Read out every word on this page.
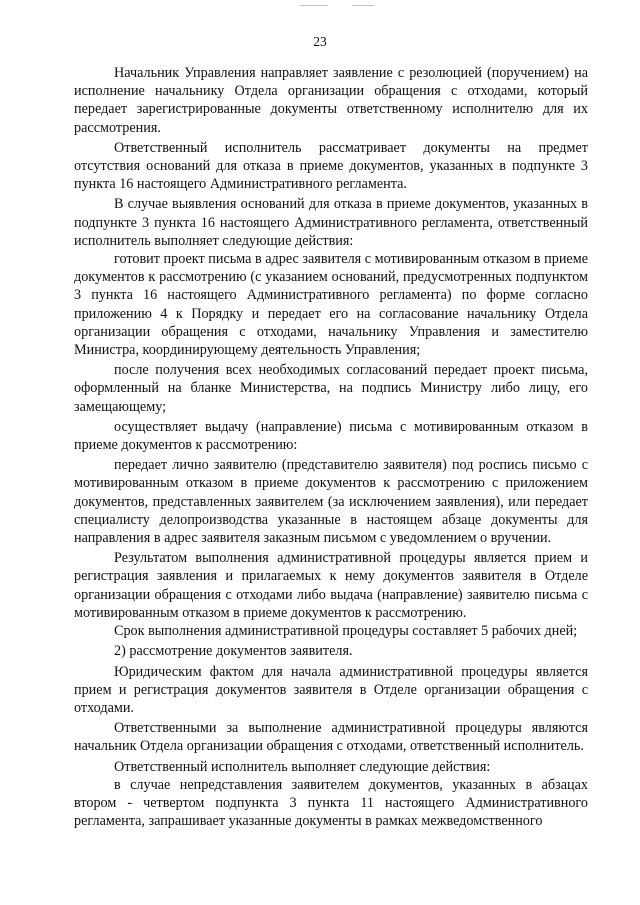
23

Начальник Управления направляет заявление с резолюцией (поручением) на исполнение начальнику Отдела организации обращения с отходами, который передает зарегистрированные документы ответственному исполнителю для их рассмотрения.

Ответственный исполнитель рассматривает документы на предмет отсутствия оснований для отказа в приеме документов, указанных в подпункте 3 пункта 16 настоящего Административного регламента.

В случае выявления оснований для отказа в приеме документов, указанных в подпункте 3 пункта 16 настоящего Административного регламента, ответственный исполнитель выполняет следующие действия:

готовит проект письма в адрес заявителя с мотивированным отказом в приеме документов к рассмотрению (с указанием оснований, предусмотренных подпунктом 3 пункта 16 настоящего Административного регламента) по форме согласно приложению 4 к Порядку и передает его на согласование начальнику Отдела организации обращения с отходами, начальнику Управления и заместителю Министра, координирующему деятельность Управления;

после получения всех необходимых согласований передает проект письма, оформленный на бланке Министерства, на подпись Министру либо лицу, его замещающему;

осуществляет выдачу (направление) письма с мотивированным отказом в приеме документов к рассмотрению:

передает лично заявителю (представителю заявителя) под роспись письмо с мотивированным отказом в приеме документов к рассмотрению с приложением документов, представленных заявителем (за исключением заявления), или передает специалисту делопроизводства указанные в настоящем абзаце документы для направления в адрес заявителя заказным письмом с уведомлением о вручении.

Результатом выполнения административной процедуры является прием и регистрация заявления и прилагаемых к нему документов заявителя в Отделе организации обращения с отходами либо выдача (направление) заявителю письма с мотивированным отказом в приеме документов к рассмотрению.

Срок выполнения административной процедуры составляет 5 рабочих дней;

2) рассмотрение документов заявителя.

Юридическим фактом для начала административной процедуры является прием и регистрация документов заявителя в Отделе организации обращения с отходами.

Ответственными за выполнение административной процедуры являются начальник Отдела организации обращения с отходами, ответственный исполнитель.

Ответственный исполнитель выполняет следующие действия:

в случае непредставления заявителем документов, указанных в абзацах втором - четвертом подпункта 3 пункта 11 настоящего Административного регламента, запрашивает указанные документы в рамках межведомственного
